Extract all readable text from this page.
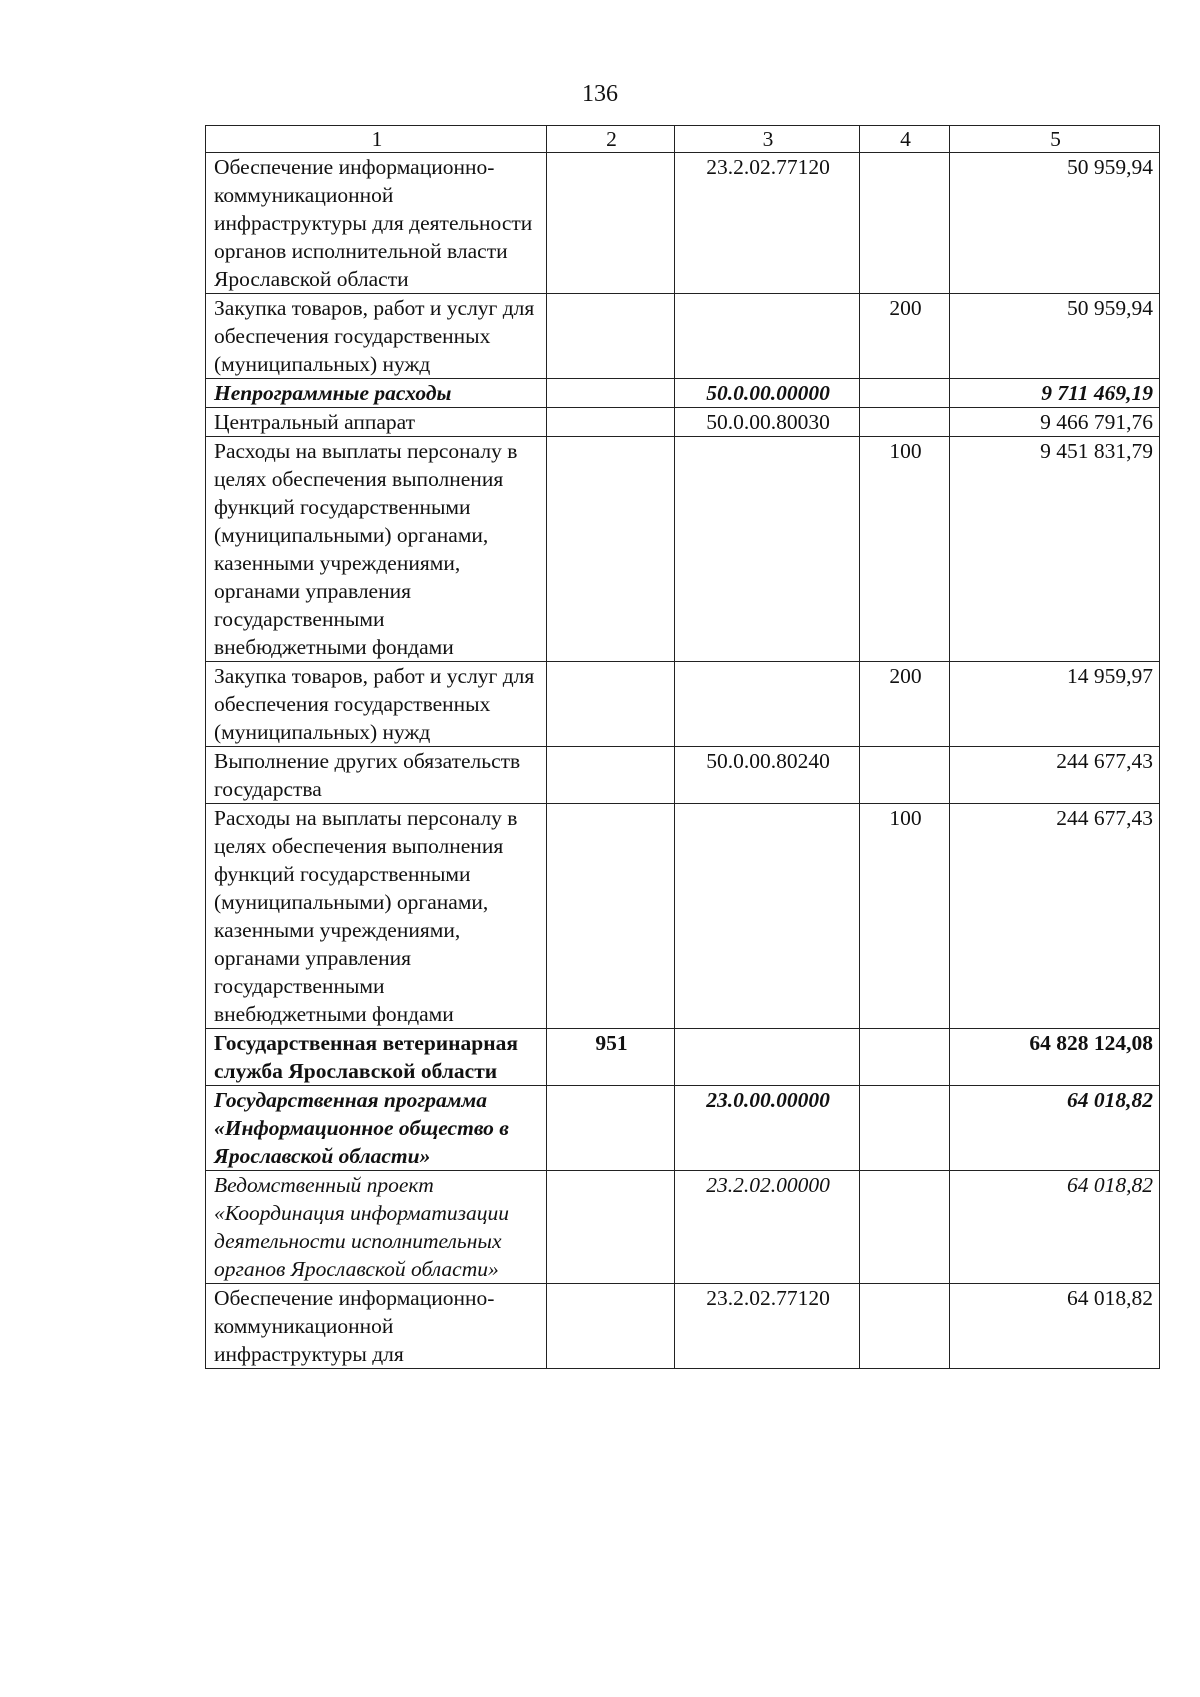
136
1	2	3	4	5
Обеспечение информационно-коммуникационной инфраструктуры для деятельности органов исполнительной власти Ярославской области		23.2.02.77120		50 959,94
Закупка товаров, работ и услуг для обеспечения государственных (муниципальных) нужд			200	50 959,94
Непрограммные расходы		50.0.00.00000		9 711 469,19
Центральный аппарат		50.0.00.80030		9 466 791,76
Расходы на выплаты персоналу в целях обеспечения выполнения функций государственными (муниципальными) органами, казенными учреждениями, органами управления государственными внебюджетными фондами			100	9 451 831,79
Закупка товаров, работ и услуг для обеспечения государственных (муниципальных) нужд			200	14 959,97
Выполнение других обязательств государства		50.0.00.80240		244 677,43
Расходы на выплаты персоналу в целях обеспечения выполнения функций государственными (муниципальными) органами, казенными учреждениями, органами управления государственными внебюджетными фондами			100	244 677,43
Государственная ветеринарная служба Ярославской области	951			64 828 124,08
Государственная программа «Информационное общество в Ярославской области»		23.0.00.00000		64 018,82
Ведомственный проект «Координация информатизации деятельности исполнительных органов Ярославской области»		23.2.02.00000		64 018,82
Обеспечение информационно-коммуникационной инфраструктуры для		23.2.02.77120		64 018,82
